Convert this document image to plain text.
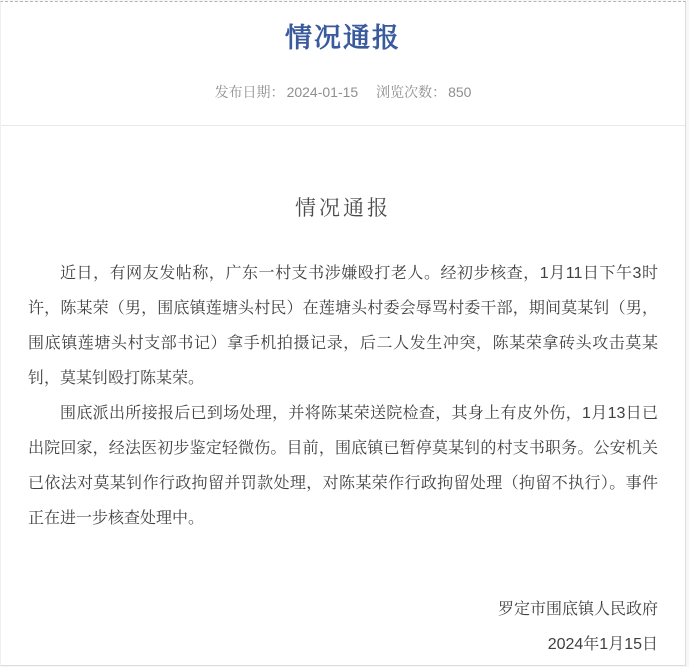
情况通报
发布日期： 2024-01-15 浏览次数： 850
情况通报

近日，有网友发帖称，广东一村支书涉嫌殴打老人。经初步核查，1月11日下午3时许，陈某荣（男，围底镇莲塘头村民）在莲塘头村委会辱骂村委干部，期间莫某钊（男，围底镇莲塘头村支部书记）拿手机拍摄记录，后二人发生冲突，陈某荣拿砖头攻击莫某钊，莫某钊殴打陈某荣。

围底派出所接报后已到场处理，并将陈某荣送院检查，其身上有皮外伤，1月13日已出院回家，经法医初步鉴定轻微伤。目前，围底镇已暂停莫某钊的村支书职务。公安机关已依法对莫某钊作行政拘留并罚款处理，对陈某荣作行政拘留处理（拘留不执行）。事件正在进一步核查处理中。

罗定市围底镇人民政府
2024年1月15日
